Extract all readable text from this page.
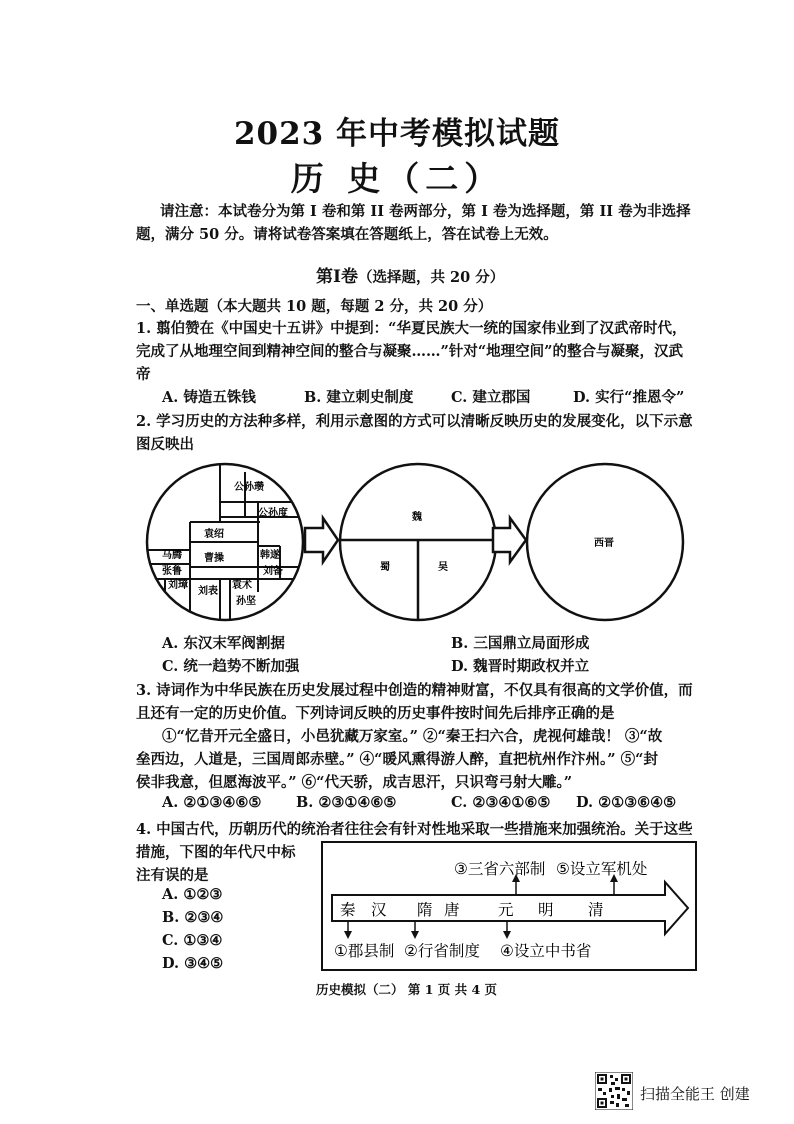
2023 年中考模拟试题
历 史（二）
请注意：本试卷分为第 I 卷和第 II 卷两部分，第 I 卷为选择题，第 II 卷为非选择
题，满分 50 分。请将试卷答案填在答题纸上，答在试卷上无效。
第Ⅰ卷（选择题，共 20 分）
一、单选题（本大题共 10 题，每题 2 分，共 20 分）
1. 翦伯赞在《中国史十五讲》中提到：“华夏民族大一统的国家伟业到了汉武帝时代，
完成了从地理空间到精神空间的整合与凝聚……”针对“地理空间”的整合与凝聚，汉武
帝
A. 铸造五铢钱	B. 建立刺史制度	C. 建立郡国	D. 实行“推恩令”
2. 学习历史的方法种多样，利用示意图的方式可以清晰反映历史的发展变化，以下示意
图反映出
公孙瓒
公孙度
袁绍
曹操
马腾	韩遂
张鲁
刘璋
刘表
袁术
孙坚
刘备
魏
蜀	吴
西晋
A. 东汉末军阀割据	B. 三国鼎立局面形成
C. 统一趋势不断加强	D. 魏晋时期政权并立
3. 诗词作为中华民族在历史发展过程中创造的精神财富，不仅具有很高的文学价值，而
且还有一定的历史价值。下列诗词反映的历史事件按时间先后排序正确的是
①“忆昔开元全盛日，小邑犹藏万家室。” ②“秦王扫六合，虎视何雄哉！ ③“故
垒西边，人道是，三国周郎赤壁。” ④“暖风熏得游人醉，直把杭州作汴州。” ⑤“封
侯非我意，但愿海波平。” ⑥“代天骄，成吉思汗，只识弯弓射大雕。”
A. ②①③④⑥⑤ B. ②③①④⑥⑤	C. ②③④①⑥⑤ D. ②①③⑥④⑤
4. 中国古代，历朝历代的统治者往往会有针对性地采取一些措施来加强统治。关于这些
措施，下图的年代尺中标
注有误的是
A. ①②③
B. ②③④
C. ①③④
D. ③④⑤
③三省六部制 ⑤设立军机处
秦 汉 隋 唐 元 明 清
①郡县制 ②行省制度 ④设立中书省
历史模拟（二） 第 1 页 共 4 页
扫描全能王 创建
